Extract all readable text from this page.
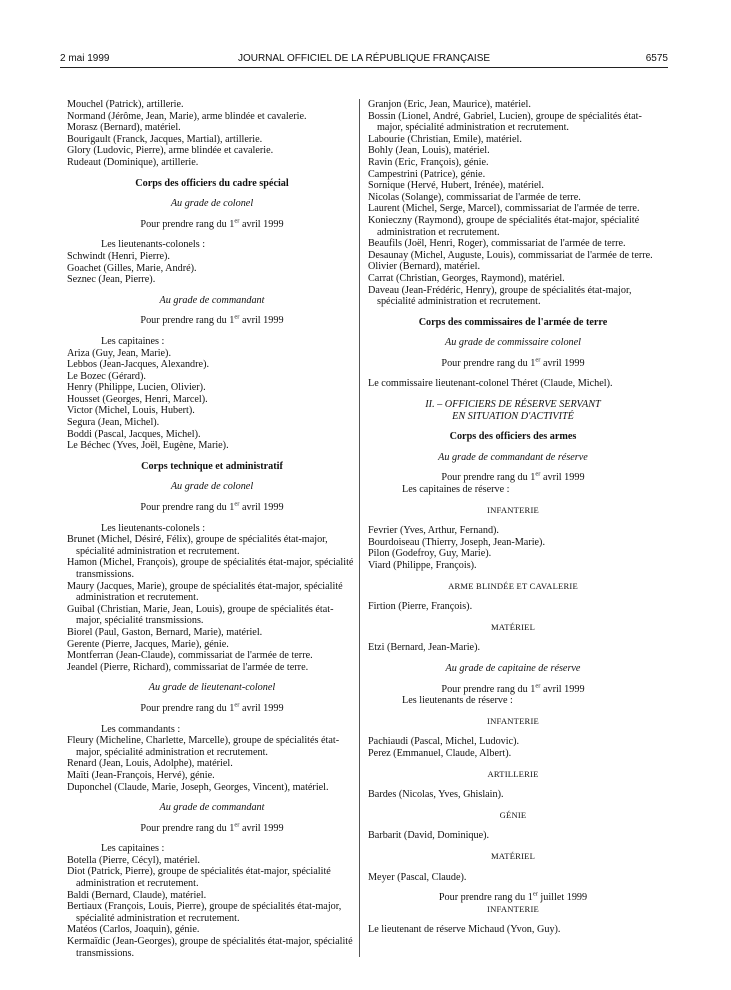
2 mai 1999	JOURNAL OFFICIEL DE LA RÉPUBLIQUE FRANÇAISE	6575
Mouchel (Patrick), artillerie.
Normand (Jérôme, Jean, Marie), arme blindée et cavalerie.
Morasz (Bernard), matériel.
Bourigault (Franck, Jacques, Martial), artillerie.
Glory (Ludovic, Pierre), arme blindée et cavalerie.
Rudeaut (Dominique), artillerie.
Corps des officiers du cadre spécial
Au grade de colonel
Pour prendre rang du 1er avril 1999
Les lieutenants-colonels :
Schwindt (Henri, Pierre).
Goachet (Gilles, Marie, André).
Seznec (Jean, Pierre).
Au grade de commandant
Pour prendre rang du 1er avril 1999
Les capitaines :
Ariza (Guy, Jean, Marie).
Lebbos (Jean-Jacques, Alexandre).
Le Bozec (Gérard).
Henry (Philippe, Lucien, Olivier).
Housset (Georges, Henri, Marcel).
Victor (Michel, Louis, Hubert).
Segura (Jean, Michel).
Boddi (Pascal, Jacques, Michel).
Le Béchec (Yves, Joël, Eugène, Marie).
Corps technique et administratif
Au grade de colonel
Pour prendre rang du 1er avril 1999
Les lieutenants-colonels :
Brunet (Michel, Désiré, Félix), groupe de spécialités état-major, spécialité administration et recrutement.
Hamon (Michel, François), groupe de spécialités état-major, spécialité transmissions.
Maury (Jacques, Marie), groupe de spécialités état-major, spécialité administration et recrutement.
Guibal (Christian, Marie, Jean, Louis), groupe de spécialités état-major, spécialité transmissions.
Biorel (Paul, Gaston, Bernard, Marie), matériel.
Gerente (Pierre, Jacques, Marie), génie.
Montferran (Jean-Claude), commissariat de l'armée de terre.
Jeandel (Pierre, Richard), commissariat de l'armée de terre.
Au grade de lieutenant-colonel
Pour prendre rang du 1er avril 1999
Les commandants :
Fleury (Micheline, Charlette, Marcelle), groupe de spécialités état-major, spécialité administration et recrutement.
Renard (Jean, Louis, Adolphe), matériel.
Maïti (Jean-François, Hervé), génie.
Duponchel (Claude, Marie, Joseph, Georges, Vincent), matériel.
Au grade de commandant
Pour prendre rang du 1er avril 1999
Les capitaines :
Botella (Pierre, Cécyl), matériel.
Diot (Patrick, Pierre), groupe de spécialités état-major, spécialité administration et recrutement.
Baldi (Bernard, Claude), matériel.
Bertiaux (François, Louis, Pierre), groupe de spécialités état-major, spécialité administration et recrutement.
Matéos (Carlos, Joaquin), génie.
Kermaïdic (Jean-Georges), groupe de spécialités état-major, spécialité transmissions.
Granjon (Eric, Jean, Maurice), matériel.
Bossin (Lionel, André, Gabriel, Lucien), groupe de spécialités état-major, spécialité administration et recrutement.
Labourie (Christian, Emile), matériel.
Bohly (Jean, Louis), matériel.
Ravin (Eric, François), génie.
Campestrini (Patrice), génie.
Sornique (Hervé, Hubert, Irénée), matériel.
Nicolas (Solange), commissariat de l'armée de terre.
Laurent (Michel, Serge, Marcel), commissariat de l'armée de terre.
Konieczny (Raymond), groupe de spécialités état-major, spécialité administration et recrutement.
Beaufils (Joël, Henri, Roger), commissariat de l'armée de terre.
Desaunay (Michel, Auguste, Louis), commissariat de l'armée de terre.
Olivier (Bernard), matériel.
Carrat (Christian, Georges, Raymond), matériel.
Daveau (Jean-Frédéric, Henry), groupe de spécialités état-major, spécialité administration et recrutement.
Corps des commissaires de l'armée de terre
Au grade de commissaire colonel
Pour prendre rang du 1er avril 1999
Le commissaire lieutenant-colonel Théret (Claude, Michel).
II. – OFFICIERS DE RÉSERVE SERVANT
EN SITUATION D'ACTIVITÉ
Corps des officiers des armes
Au grade de commandant de réserve
Pour prendre rang du 1er avril 1999
Les capitaines de réserve :
INFANTERIE
Fevrier (Yves, Arthur, Fernand).
Bourdoiseau (Thierry, Joseph, Jean-Marie).
Pilon (Godefroy, Guy, Marie).
Viard (Philippe, François).
ARME BLINDÉE ET CAVALERIE
Firtion (Pierre, François).
MATÉRIEL
Etzi (Bernard, Jean-Marie).
Au grade de capitaine de réserve
Pour prendre rang du 1er avril 1999
Les lieutenants de réserve :
INFANTERIE
Pachiaudi (Pascal, Michel, Ludovic).
Perez (Emmanuel, Claude, Albert).
ARTILLERIE
Bardes (Nicolas, Yves, Ghislain).
GÉNIE
Barbarit (David, Dominique).
MATÉRIEL
Meyer (Pascal, Claude).
Pour prendre rang du 1er juillet 1999
INFANTERIE
Le lieutenant de réserve Michaud (Yvon, Guy).
